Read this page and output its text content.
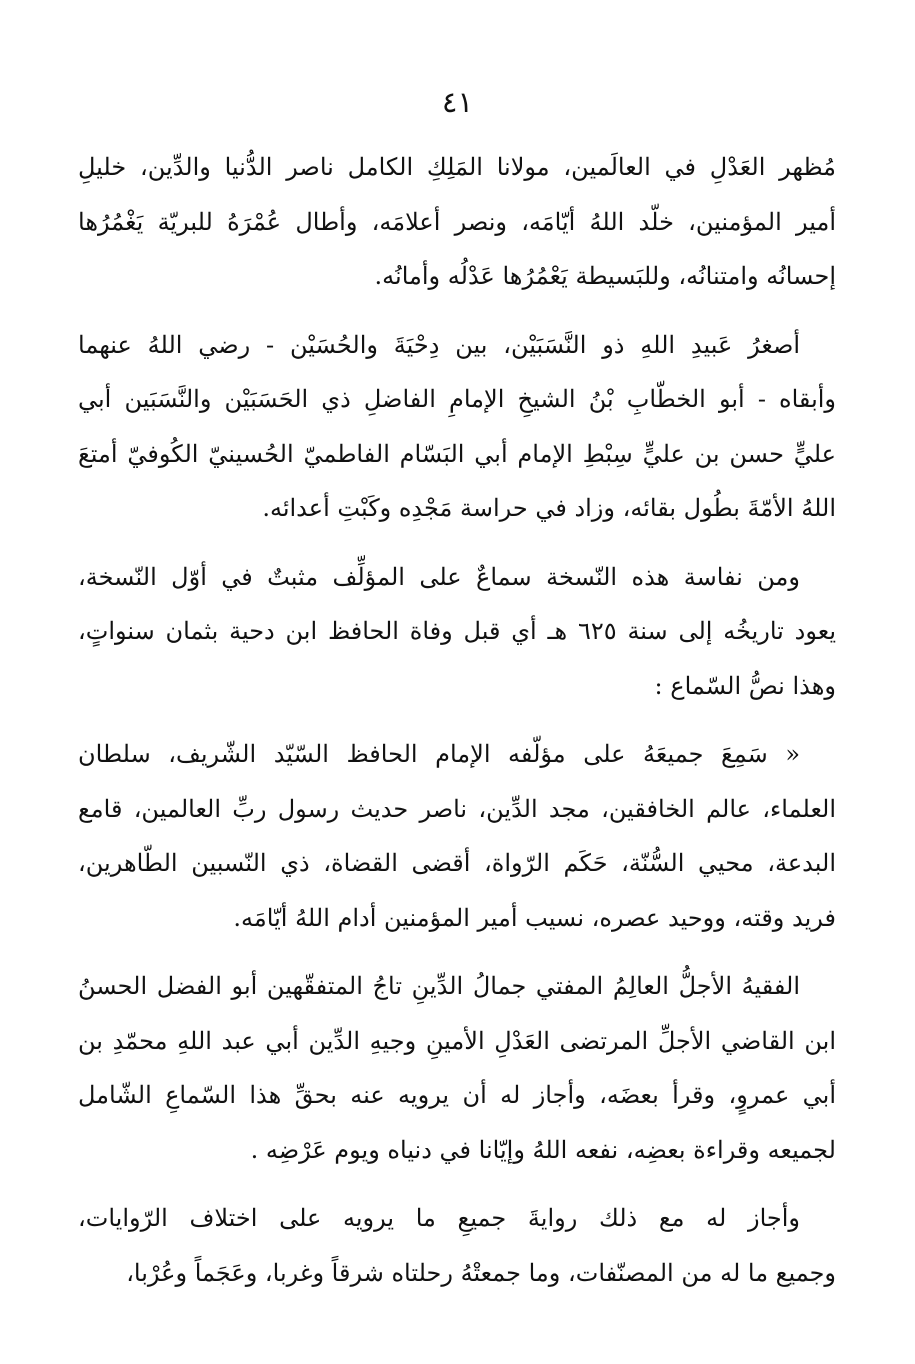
٤١
مُظهر العَدْلِ في العالَمين، مولانا المَلِكِ الكامل ناصر الدُّنيا والدِّين، خليلِ
أمير المؤمنين، خلّد اللهُ أيّامَه، ونصر أعلامَه، وأطال عُمْرَهُ للبريّة يَغْمُرُها
إحسانُه وامتنانُه، وللبَسيطة يَعْمُرُها عَدْلُه وأمانُه.
أصغرُ عَبيدِ اللهِ ذو النَّسَبَيْن، بين دِحْيَةَ والحُسَيْن - رضي اللهُ عنهما
وأبقاه - أبو الخطّابِ بْنُ الشيخِ الإمامِ الفاضلِ ذي الحَسَبَيْن والنَّسَبَين أبي
عليٍّ حسن بن عليٍّ سِبْطِ الإمام أبي البَسّام الفاطميّ الحُسينيّ الكُوفيّ أمتعَ
اللهُ الأمّةَ بطُول بقائه، وزاد في حراسة مَجْدِه وكَبْتِ أعدائه.
ومن نفاسة هذه النّسخة سماعٌ على المؤلِّف مثبتٌ في أوّل النّسخة،
يعود تاريخُه إلى سنة ٦٢٥ هـ أي قبل وفاة الحافظ ابن دحية بثمان سنواتٍ،
وهذا نصُّ السّماع :
« سَمِعَ جميعَهُ على مؤلّفه الإمام الحافظ السّيّد الشّريف، سلطان
العلماء، عالم الخافقين، مجد الدِّين، ناصر حديث رسول ربِّ العالمين، قامع
البدعة، محيي السُّنّة، حَكَم الرّواة، أقضى القضاة، ذي النّسبين الطّاهرين،
فريد وقته، ووحيد عصره، نسيب أمير المؤمنين أدام اللهُ أيّامَه.
الفقيهُ الأجلُّ العالِمُ المفتي جمالُ الدِّينِ تاجُ المتفقّهين أبو الفضل الحسنُ
ابن القاضي الأجلِّ المرتضى العَدْلِ الأمينِ وجيهِ الدِّين أبي عبد اللهِ محمّدِ بن
أبي عمروٍ، وقرأ بعضَه، وأجاز له أن يرويه عنه بحقِّ هذا السّماعِ الشّامل
لجميعه وقراءة بعضِه، نفعه اللهُ وإيّانا في دنياه ويوم عَرْضِه .
وأجاز له مع ذلك روايةَ جميعِ ما يرويه على اختلاف الرّوايات،
وجميع ما له من المصنّفات، وما جمعتْهُ رحلتاه شرقاً وغربا، وعَجَماً وعُرْبا،
